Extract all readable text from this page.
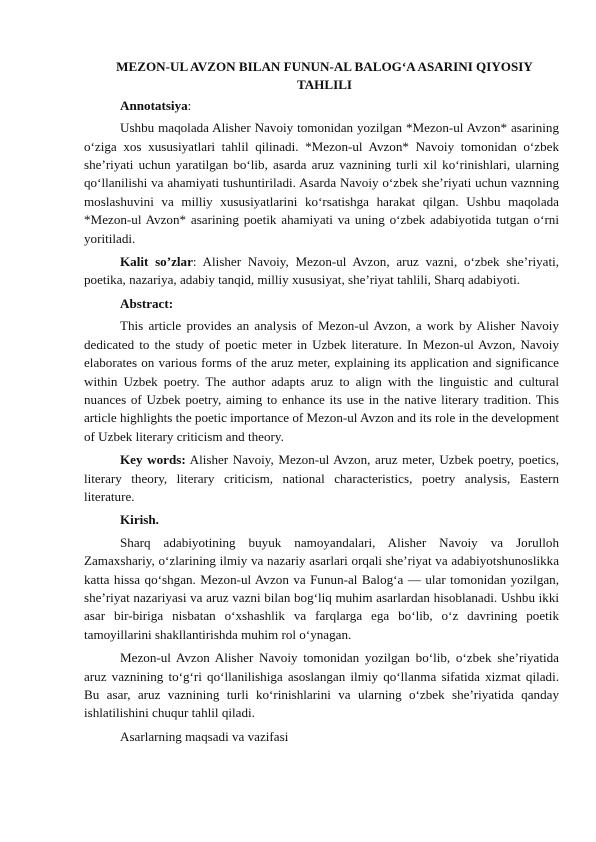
MEZON-UL AVZON BILAN FUNUN-AL BALOG‘A ASARINI QIYOSIY TAHLILI

Annotatsiya:

Ushbu maqolada Alisher Navoiy tomonidan yozilgan *Mezon-ul Avzon* asarining o‘ziga xos xususiyatlari tahlil qilinadi. *Mezon-ul Avzon* Navoiy tomonidan o‘zbek she’riyati uchun yaratilgan bo‘lib, asarda aruz vaznining turli xil ko‘rinishlari, ularning qo‘llanilishi va ahamiyati tushuntiriladi. Asarda Navoiy o‘zbek she’riyati uchun vaznning moslashuvini va milliy xususiyatlarini ko‘rsatishga harakat qilgan. Ushbu maqolada *Mezon-ul Avzon* asarining poetik ahamiyati va uning o‘zbek adabiyotida tutgan o‘rni yoritiladi.

Kalit so’zlar: Alisher Navoiy, Mezon-ul Avzon, aruz vazni, o‘zbek she’riyati, poetika, nazariya, adabiy tanqid, milliy xususiyat, she’riyat tahlili, Sharq adabiyoti.

Abstract:

This article provides an analysis of Mezon-ul Avzon, a work by Alisher Navoiy dedicated to the study of poetic meter in Uzbek literature. In Mezon-ul Avzon, Navoiy elaborates on various forms of the aruz meter, explaining its application and significance within Uzbek poetry. The author adapts aruz to align with the linguistic and cultural nuances of Uzbek poetry, aiming to enhance its use in the native literary tradition. This article highlights the poetic importance of Mezon-ul Avzon and its role in the development of Uzbek literary criticism and theory.

Key words: Alisher Navoiy, Mezon-ul Avzon, aruz meter, Uzbek poetry, poetics, literary theory, literary criticism, national characteristics, poetry analysis, Eastern literature.

Kirish.

Sharq adabiyotining buyuk namoyandalari, Alisher Navoiy va Jorulloh Zamaxshariy, o‘zlarining ilmiy va nazariy asarlari orqali she’riyat va adabiyotshunoslikka katta hissa qo‘shgan. Mezon-ul Avzon va Funun-al Balog‘a — ular tomonidan yozilgan, she’riyat nazariyasi va aruz vazni bilan bog‘liq muhim asarlardan hisoblanadi. Ushbu ikki asar bir-biriga nisbatan o‘xshashlik va farqlarga ega bo‘lib, o‘z davrining poetik tamoyillarini shakllantirishda muhim rol o‘ynagan.

Mezon-ul Avzon Alisher Navoiy tomonidan yozilgan bo‘lib, o‘zbek she’riyatida aruz vaznining to‘g‘ri qo‘llanilishiga asoslangan ilmiy qo‘llanma sifatida xizmat qiladi. Bu asar, aruz vaznining turli ko‘rinishlarini va ularning o‘zbek she’riyatida qanday ishlatilishini chuqur tahlil qiladi.

Asarlarning maqsadi va vazifasi
